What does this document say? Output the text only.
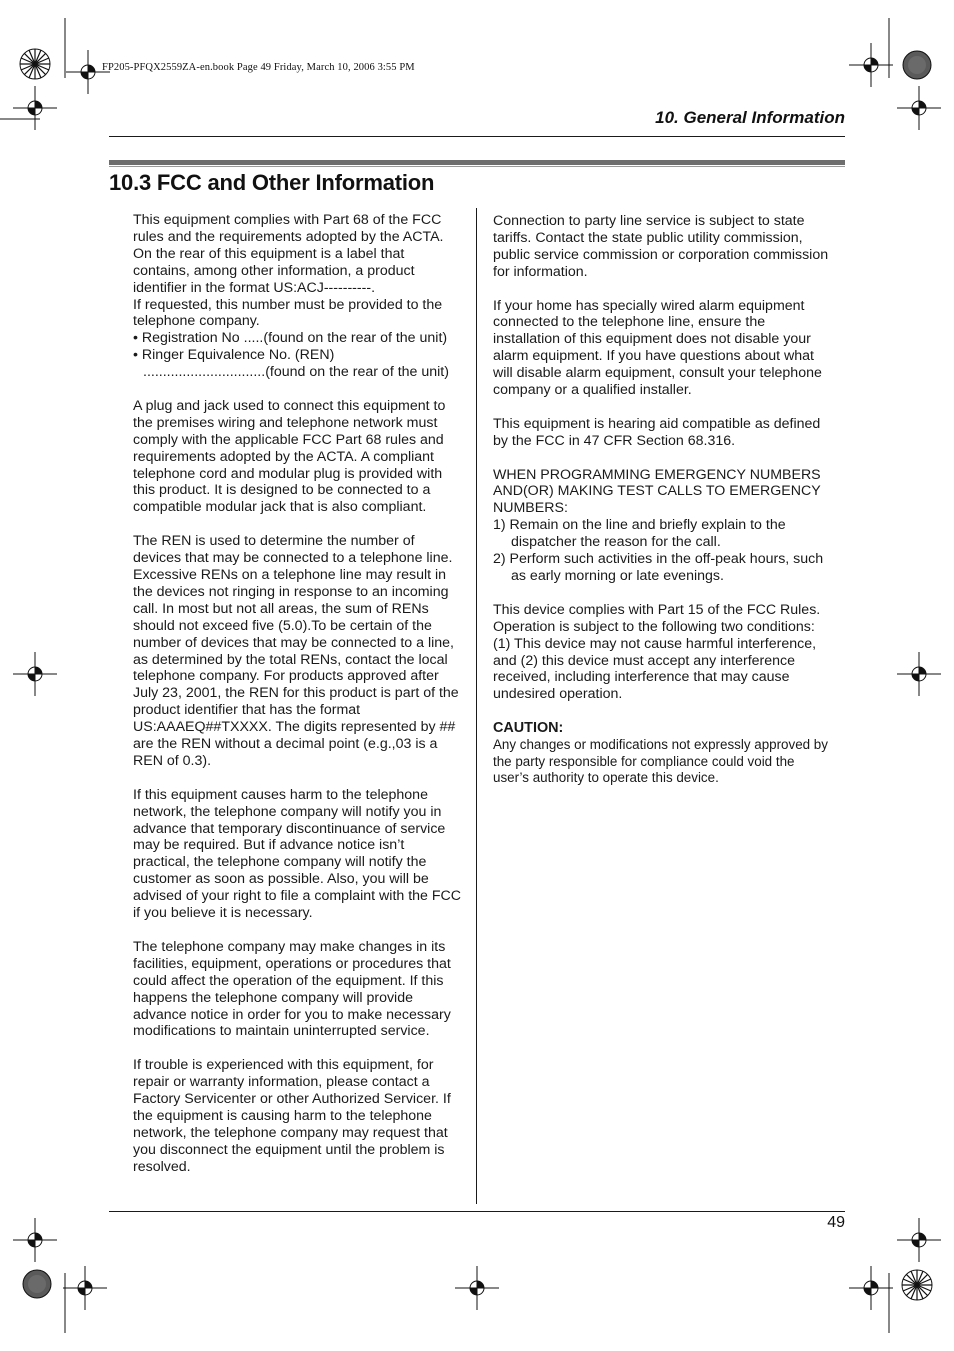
FP205-PFQX2559ZA-en.book Page 49 Friday, March 10, 2006 3:55 PM
10. General Information
10.3 FCC and Other Information

This equipment complies with Part 68 of the FCC rules and the requirements adopted by the ACTA. On the rear of this equipment is a label that contains, among other information, a product identifier in the format US:ACJ----------.
If requested, this number must be provided to the telephone company.

• Registration No .....(found on the rear of the unit)
• Ringer Equivalence No. (REN)
...............................(found on the rear of the unit)

A plug and jack used to connect this equipment to the premises wiring and telephone network must comply with the applicable FCC Part 68 rules and requirements adopted by the ACTA. A compliant telephone cord and modular plug is provided with this product. It is designed to be connected to a compatible modular jack that is also compliant.

The REN is used to determine the number of devices that may be connected to a telephone line. Excessive RENs on a telephone line may result in the devices not ringing in response to an incoming call. In most but not all areas, the sum of RENs should not exceed five (5.0).To be certain of the number of devices that may be connected to a line, as determined by the total RENs, contact the local telephone company. For products approved after July 23, 2001, the REN for this product is part of the product identifier that has the format US:AAAEQ##TXXXX. The digits represented by ## are the REN without a decimal point (e.g.,03 is a REN of 0.3).

If this equipment causes harm to the telephone network, the telephone company will notify you in advance that temporary discontinuance of service may be required. But if advance notice isn’t practical, the telephone company will notify the customer as soon as possible. Also, you will be advised of your right to file a complaint with the FCC if you believe it is necessary.

The telephone company may make changes in its facilities, equipment, operations or procedures that could affect the operation of the equipment. If this happens the telephone company will provide advance notice in order for you to make necessary modifications to maintain uninterrupted service.

If trouble is experienced with this equipment, for repair or warranty information, please contact a Factory Servicenter or other Authorized Servicer. If the equipment is causing harm to the telephone network, the telephone company may request that you disconnect the equipment until the problem is resolved.

Connection to party line service is subject to state tariffs. Contact the state public utility commission, public service commission or corporation commission for information.

If your home has specially wired alarm equipment connected to the telephone line, ensure the installation of this equipment does not disable your alarm equipment. If you have questions about what will disable alarm equipment, consult your telephone company or a qualified installer.

This equipment is hearing aid compatible as defined by the FCC in 47 CFR Section 68.316.

WHEN PROGRAMMING EMERGENCY NUMBERS AND(OR) MAKING TEST CALLS TO EMERGENCY NUMBERS:
1) Remain on the line and briefly explain to the dispatcher the reason for the call.
2) Perform such activities in the off-peak hours, such as early morning or late evenings.

This device complies with Part 15 of the FCC Rules. Operation is subject to the following two conditions:
(1) This device may not cause harmful interference, and (2) this device must accept any interference received, including interference that may cause undesired operation.

CAUTION:
Any changes or modifications not expressly approved by the party responsible for compliance could void the user’s authority to operate this device.
49
